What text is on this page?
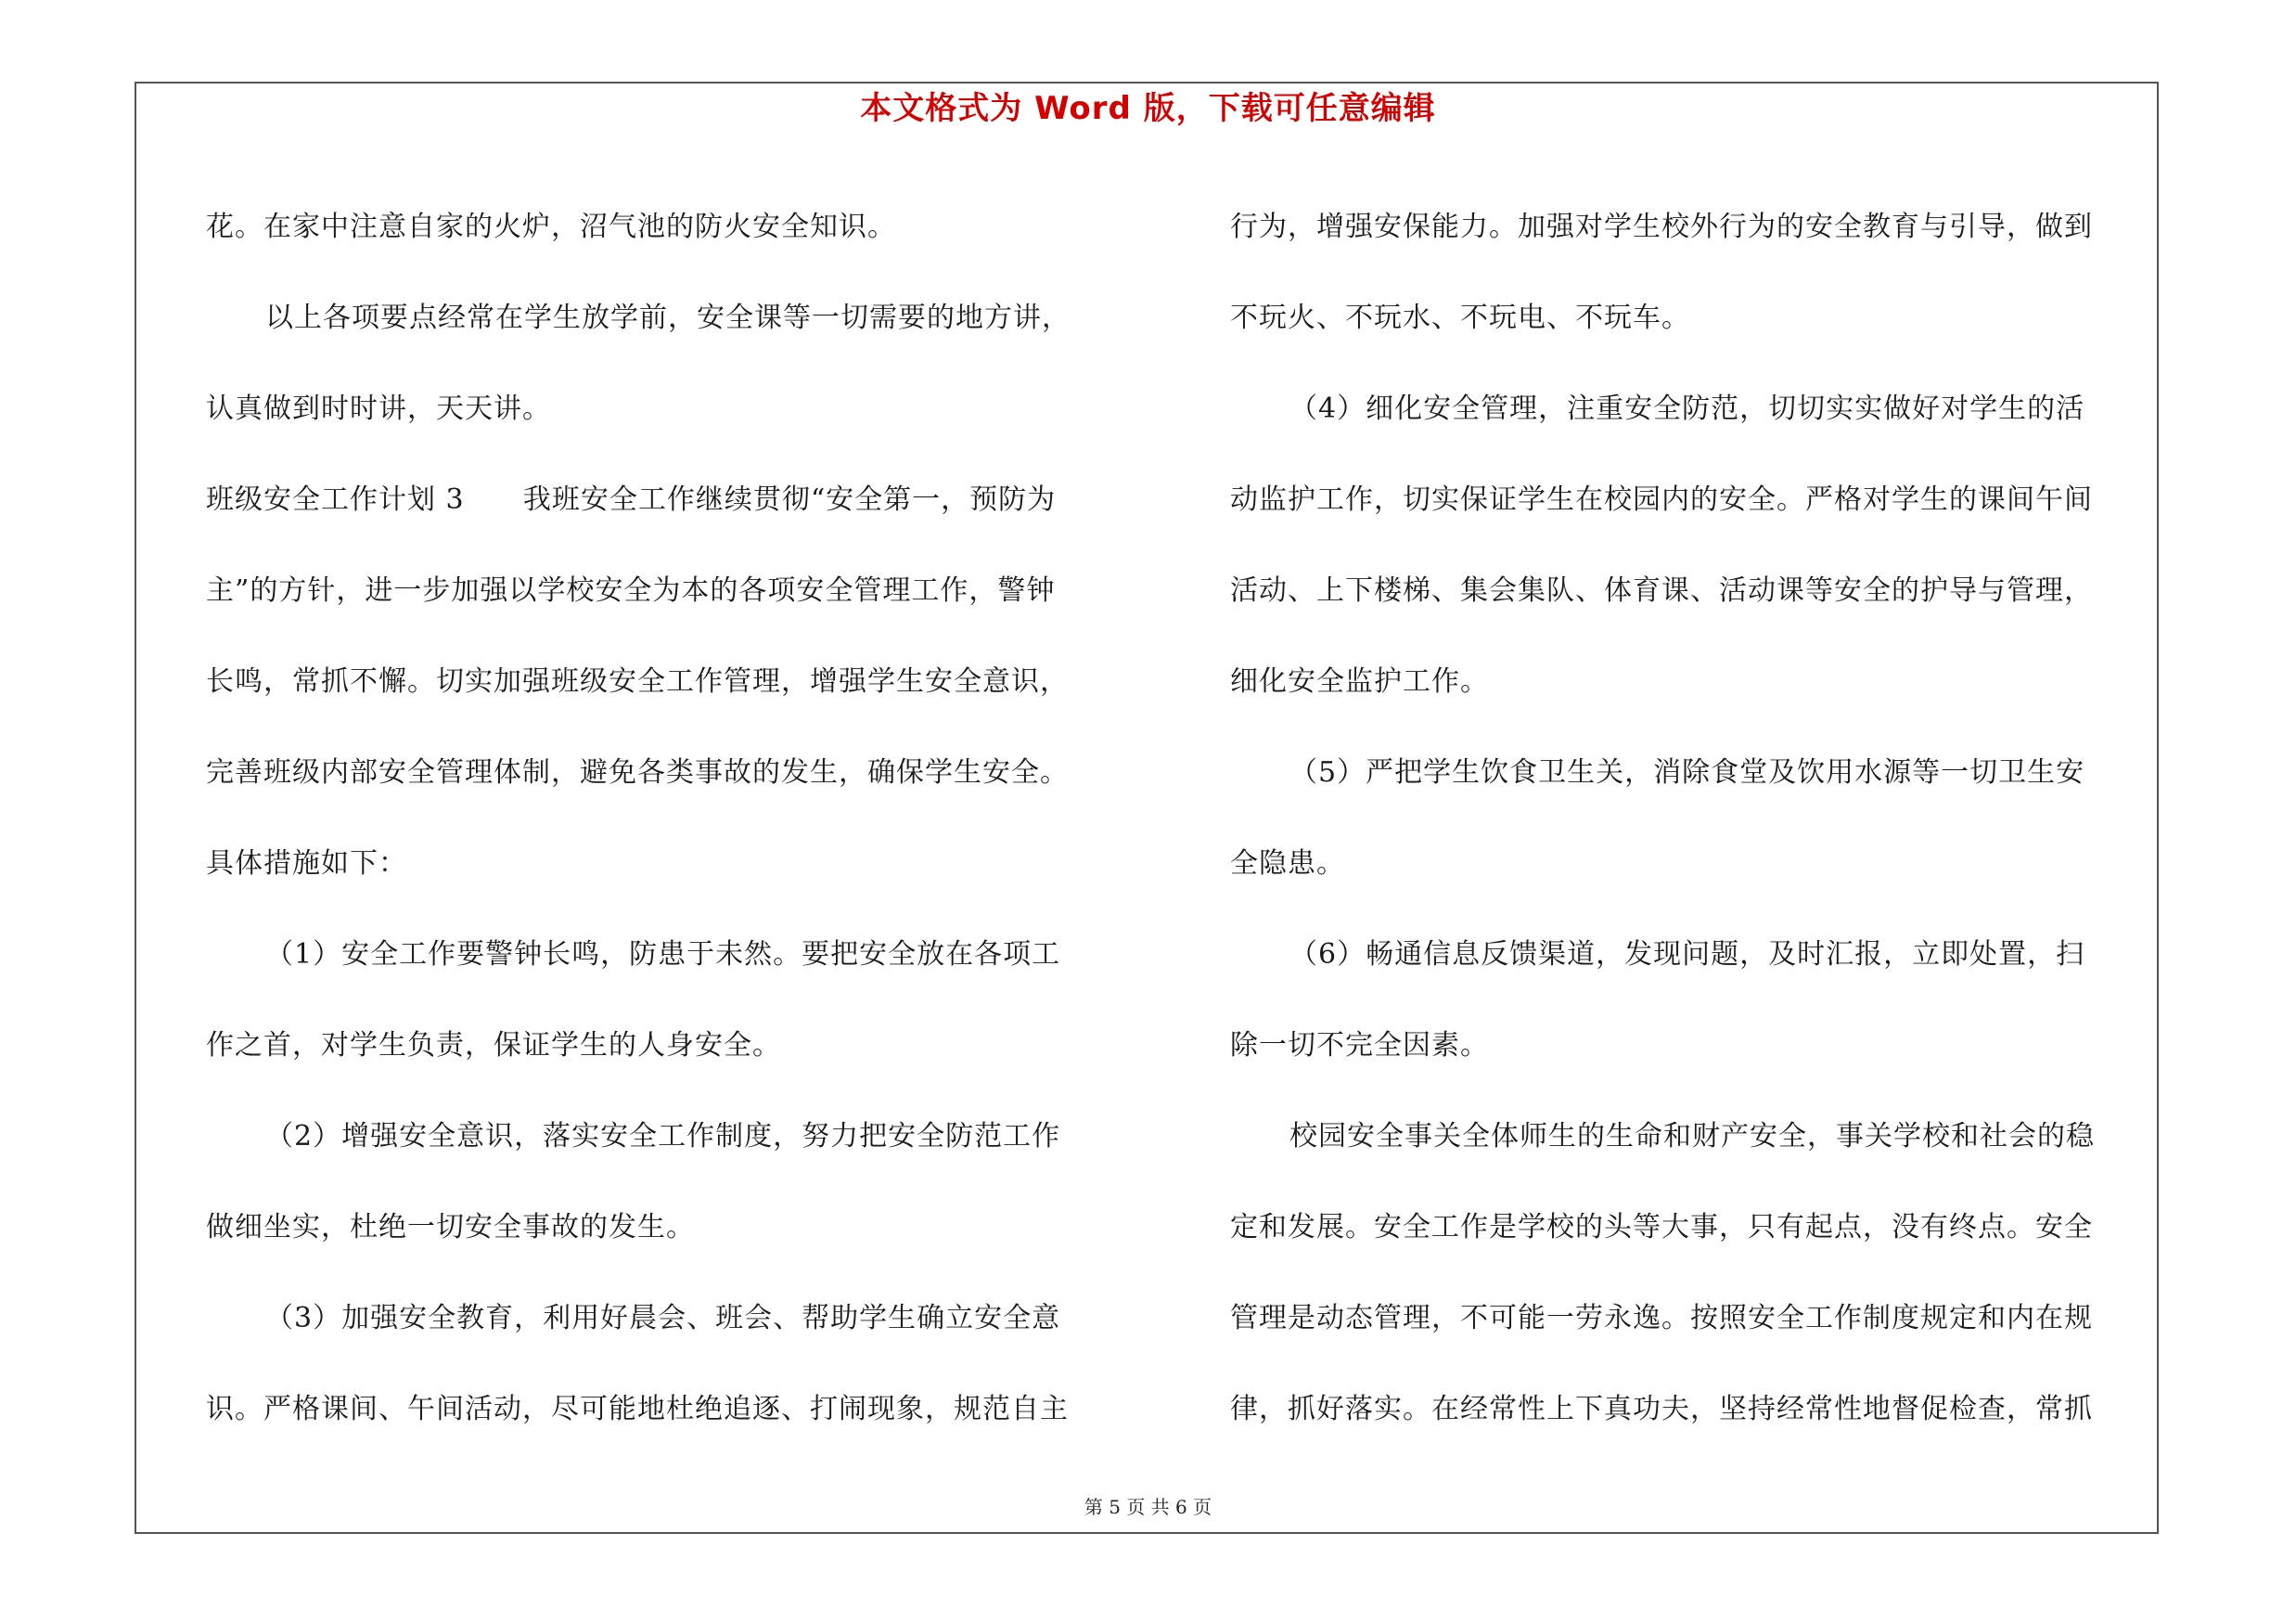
本文格式为 Word 版，下载可任意编辑
花。在家中注意自家的火炉，沼气池的防火安全知识。
以上各项要点经常在学生放学前，安全课等一切需要的地方讲，
认真做到时时讲，天天讲。
班级安全工作计划 3      我班安全工作继续贯彻“安全第一，预防为
主”的方针，进一步加强以学校安全为本的各项安全管理工作，警钟
长鸣，常抓不懈。切实加强班级安全工作管理，增强学生安全意识，
完善班级内部安全管理体制，避免各类事故的发生，确保学生安全。
具体措施如下：
（1）安全工作要警钟长鸣，防患于未然。要把安全放在各项工
作之首，对学生负责，保证学生的人身安全。
（2）增强安全意识，落实安全工作制度，努力把安全防范工作
做细坐实，杜绝一切安全事故的发生。
（3）加强安全教育，利用好晨会、班会、帮助学生确立安全意
识。严格课间、午间活动，尽可能地杜绝追逐、打闹现象，规范自主
行为，增强安保能力。加强对学生校外行为的安全教育与引导，做到
不玩火、不玩水、不玩电、不玩车。
（4）细化安全管理，注重安全防范，切切实实做好对学生的活
动监护工作，切实保证学生在校园内的安全。严格对学生的课间午间
活动、上下楼梯、集会集队、体育课、活动课等安全的护导与管理，
细化安全监护工作。
（5）严把学生饮食卫生关，消除食堂及饮用水源等一切卫生安
全隐患。
（6）畅通信息反馈渠道，发现问题，及时汇报，立即处置，扫
除一切不完全因素。
校园安全事关全体师生的生命和财产安全，事关学校和社会的稳
定和发展。安全工作是学校的头等大事，只有起点，没有终点。安全
管理是动态管理，不可能一劳永逸。按照安全工作制度规定和内在规
律，抓好落实。在经常性上下真功夫，坚持经常性地督促检查，常抓
第 5 页 共 6 页
